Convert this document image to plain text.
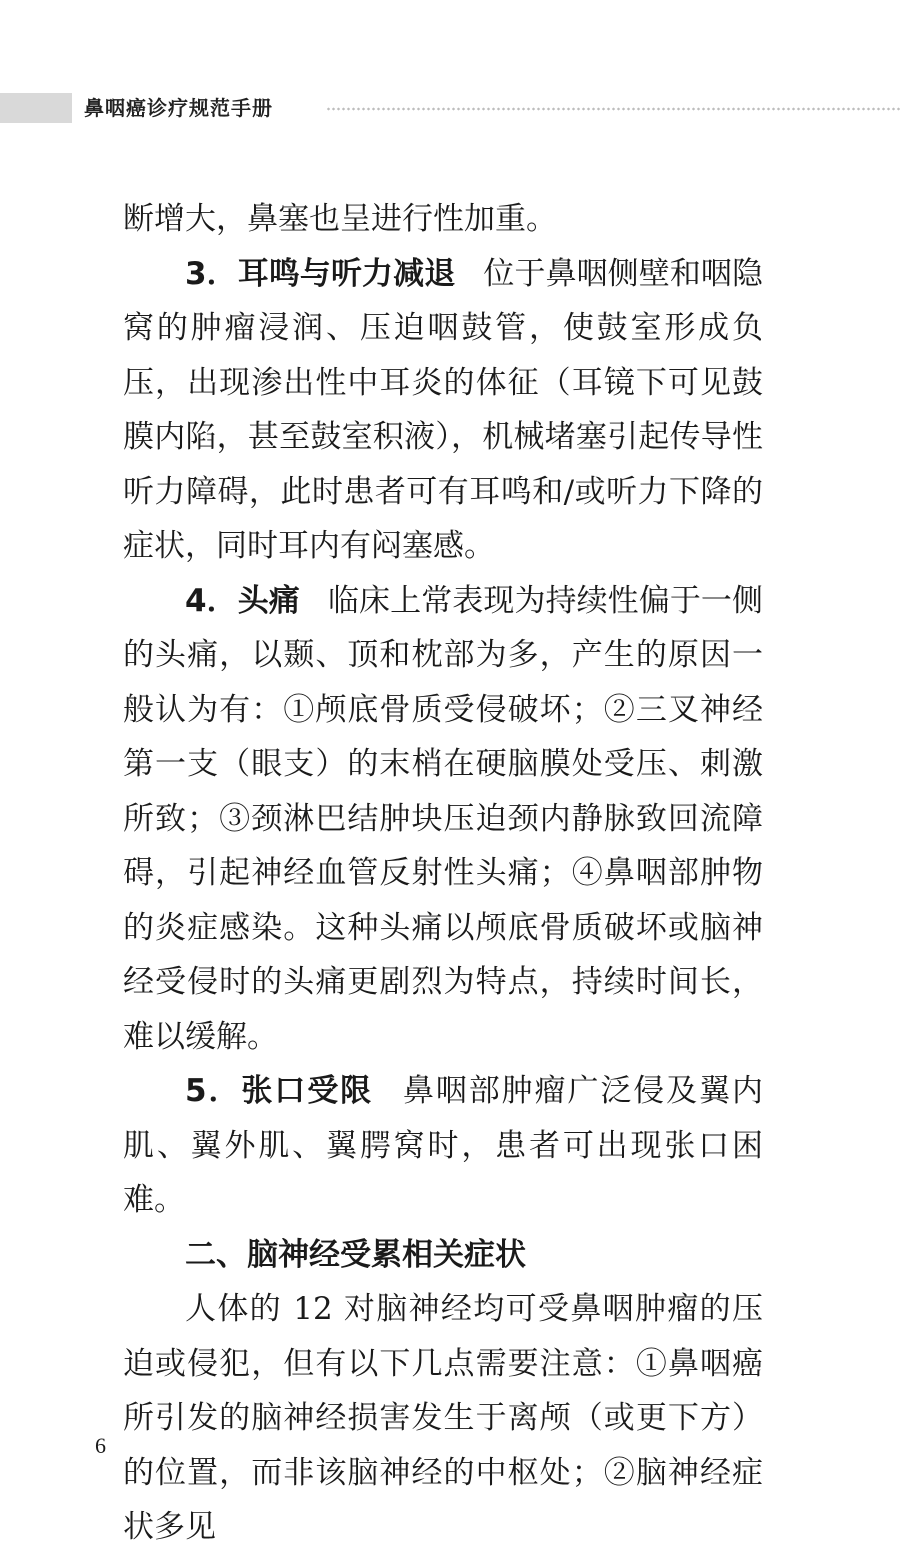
鼻咽癌诊疗规范手册

断增大，鼻塞也呈进行性加重。

3．耳鸣与听力减退 位于鼻咽侧壁和咽隐窝的肿瘤浸润、压迫咽鼓管，使鼓室形成负压，出现渗出性中耳炎的体征（耳镜下可见鼓膜内陷，甚至鼓室积液），机械堵塞引起传导性听力障碍，此时患者可有耳鸣和/或听力下降的症状，同时耳内有闷塞感。

4．头痛 临床上常表现为持续性偏于一侧的头痛，以颞、顶和枕部为多，产生的原因一般认为有：①颅底骨质受侵破坏；②三叉神经第一支（眼支）的末梢在硬脑膜处受压、刺激所致；③颈淋巴结肿块压迫颈内静脉致回流障碍，引起神经血管反射性头痛；④鼻咽部肿物的炎症感染。这种头痛以颅底骨质破坏或脑神经受侵时的头痛更剧烈为特点，持续时间长，难以缓解。

5．张口受限 鼻咽部肿瘤广泛侵及翼内肌、翼外肌、翼腭窝时，患者可出现张口困难。

二、脑神经受累相关症状

人体的 12 对脑神经均可受鼻咽肿瘤的压迫或侵犯，但有以下几点需要注意：①鼻咽癌所引发的脑神经损害发生于离颅（或更下方）的位置，而非该脑神经的中枢处；②脑神经症状多见

6
